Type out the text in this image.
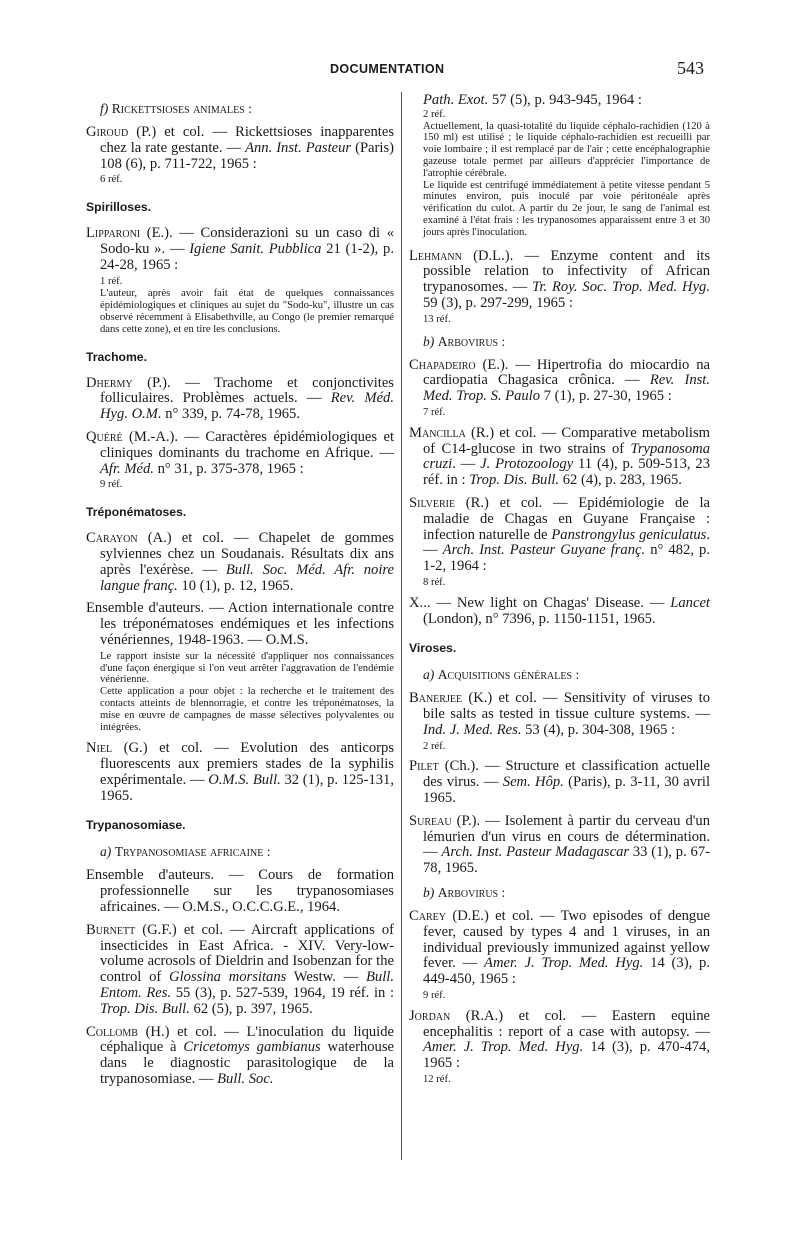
DOCUMENTATION	543
f) Rickettsioses animales :

Giroud (P.) et col. — Rickettsioses inapparentes chez la rate gestante. — Ann. Inst. Pasteur (Paris) 108 (6), p. 711-722, 1965 :

6 réf.

Spirilloses.

Lipparoni (E.). — Considerazioni su un caso di « Sodo-ku ». — Igiene Sanit. Pubblica 21 (1-2), p. 24-28, 1965 :

1 réf.

L'auteur, après avoir fait état de quelques connaissances épidémiologiques et cliniques au sujet du "Sodo-ku", illustre un cas observé récemment à Elisabethville, au Congo (le premier remarqué dans cette zone), et en tire les conclusions.

Trachome.

Dhermy (P.). — Trachome et conjonctivites folliculaires. Problèmes actuels. — Rev. Méd. Hyg. O.M. n° 339, p. 74-78, 1965.

Quéré (M.-A.). — Caractères épidémiologiques et cliniques dominants du trachome en Afrique. — Afr. Méd. n° 31, p. 375-378, 1965 :

9 réf.

Tréponématoses.

Carayon (A.) et col. — Chapelet de gommes sylviennes chez un Soudanais. Résultats dix ans après l'exérèse. — Bull. Soc. Méd. Afr. noire langue franç. 10 (1), p. 12, 1965.

Ensemble d'auteurs. — Action internationale contre les tréponématoses endémiques et les infections vénériennes, 1948-1963. — O.M.S.

Le rapport insiste sur la nécessité d'appliquer nos connaissances d'une façon énergique si l'on veut arrêter l'aggravation de l'endémie vénérienne.

Cette application a pour objet : la recherche et le traitement des contacts atteints de blennorragie, et contre les tréponématoses, la mise en œuvre de campagnes de masse sélectives polyvalentes ou intégrées.

Niel (G.) et col. — Evolution des anticorps fluorescents aux premiers stades de la syphilis expérimentale. — O.M.S. Bull. 32 (1), p. 125-131, 1965.

Trypanosomiase.
a) Trypanosomiase africaine :

Ensemble d'auteurs. — Cours de formation professionnelle sur les trypanosomiases africaines. — O.M.S., O.C.C.G.E., 1964.

Burnett (G.F.) et col. — Aircraft applications of insecticides in East Africa. - XIV. Very-low-volume acrosols of Dieldrin and Isobenzan for the control of Glossina morsitans Westw. — Bull. Entom. Res. 55 (3), p. 527-539, 1964, 19 réf. in : Trop. Dis. Bull. 62 (5), p. 397, 1965.

Collomb (H.) et col. — L'inoculation du liquide céphalique à Cricetomys gambianus waterhouse dans le diagnostic parasitologique de la trypanosomiase. — Bull. Soc.

Path. Exot. 57 (5), p. 943-945, 1964 :

2 réf.

Actuellement, la quasi-totalité du liquide céphalo-rachidien (120 à 150 ml) est utilisé ; le liquide céphalo-rachidien est recueilli par voie lombaire ; il est remplacé par de l'air ; cette encéphalographie gazeuse totale permet par ailleurs d'apprécier l'importance de l'atrophie cérébrale.

Le liquide est centrifugé immédiatement à petite vitesse pendant 5 minutes environ, puis inoculé par voie péritonéale après vérification du culot. A partir du 2e jour, le sang de l'animal est examiné à l'état frais : les trypanosomes apparaissent entre 3 et 30 jours après l'inoculation.

Lehmann (D.L.). — Enzyme content and its possible relation to infectivity of African trypanosomes. — Tr. Roy. Soc. Trop. Med. Hyg. 59 (3), p. 297-299, 1965 :

13 réf.

b) Arbovirus :

Chapadeiro (E.). — Hipertrofia do miocardio na cardiopatia Chagasica crônica. — Rev. Inst. Med. Trop. S. Paulo 7 (1), p. 27-30, 1965 :

7 réf.

Mancilla (R.) et col. — Comparative metabolism of C14-glucose in two strains of Trypanosoma cruzi. — J. Protozoology 11 (4), p. 509-513, 23 réf. in : Trop. Dis. Bull. 62 (4), p. 283, 1965.

Silverie (R.) et col. — Epidémiologie de la maladie de Chagas en Guyane Française : infection naturelle de Panstrongylus geniculatus. — Arch. Inst. Pasteur Guyane franç. n° 482, p. 1-2, 1964 :

8 réf.

X... — New light on Chagas' Disease. — Lancet (London), n° 7396, p. 1150-1151, 1965.

Viroses.
a) Acquisitions générales :

Banerjee (K.) et col. — Sensitivity of viruses to bile salts as tested in tissue culture systems. — Ind. J. Med. Res. 53 (4), p. 304-308, 1965 :

2 réf.

Pilet (Ch.). — Structure et classification actuelle des virus. — Sem. Hôp. (Paris), p. 3-11, 30 avril 1965.

Sureau (P.). — Isolement à partir du cerveau d'un lémurien d'un virus en cours de détermination. — Arch. Inst. Pasteur Madagascar 33 (1), p. 67-78, 1965.

b) Arbovirus :

Carey (D.E.) et col. — Two episodes of dengue fever, caused by types 4 and 1 viruses, in an individual previously immunized against yellow fever. — Amer. J. Trop. Med. Hyg. 14 (3), p. 449-450, 1965 :

9 réf.

Jordan (R.A.) et col. — Eastern equine encephalitis : report of a case with autopsy. — Amer. J. Trop. Med. Hyg. 14 (3), p. 470-474, 1965 :

12 réf.
